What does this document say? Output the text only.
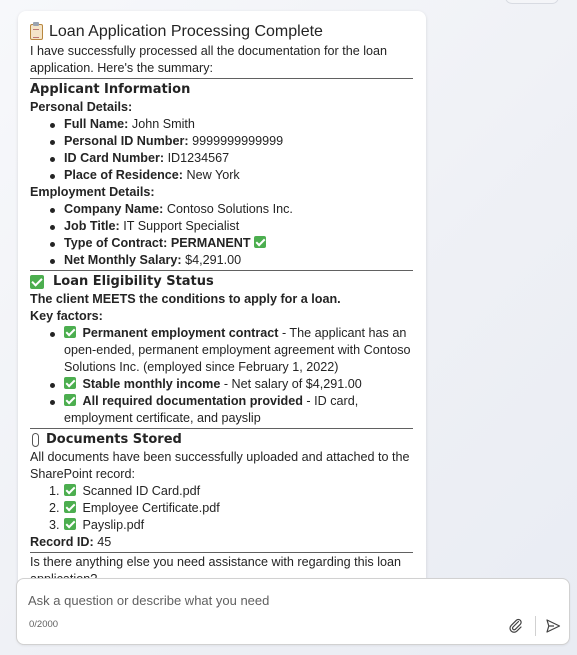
Loan Application Processing Complete

I have successfully processed all the documentation for the loan application. Here's the summary:

Applicant Information
Personal Details:
Full Name: John Smith
Personal ID Number: 9999999999999
ID Card Number: ID1234567
Place of Residence: New York
Employment Details:
Company Name: Contoso Solutions Inc.
Job Title: IT Support Specialist
Type of Contract: PERMANENT
Net Monthly Salary: $4,291.00
Loan Eligibility Status
The client MEETS the conditions to apply for a loan.
Key factors:
Permanent employment contract - The applicant has an open-ended, permanent employment agreement with Contoso Solutions Inc. (employed since February 1, 2022)
Stable monthly income - Net salary of $4,291.00
All required documentation provided - ID card, employment certificate, and payslip
Documents Stored

All documents have been successfully uploaded and attached to the SharePoint record:

1. Scanned ID Card.pdf
2. Employee Certificate.pdf
3. Payslip.pdf
Record ID: 45

Is there anything else you need assistance with regarding this loan

Ask a question or describe what you need
0/2000
